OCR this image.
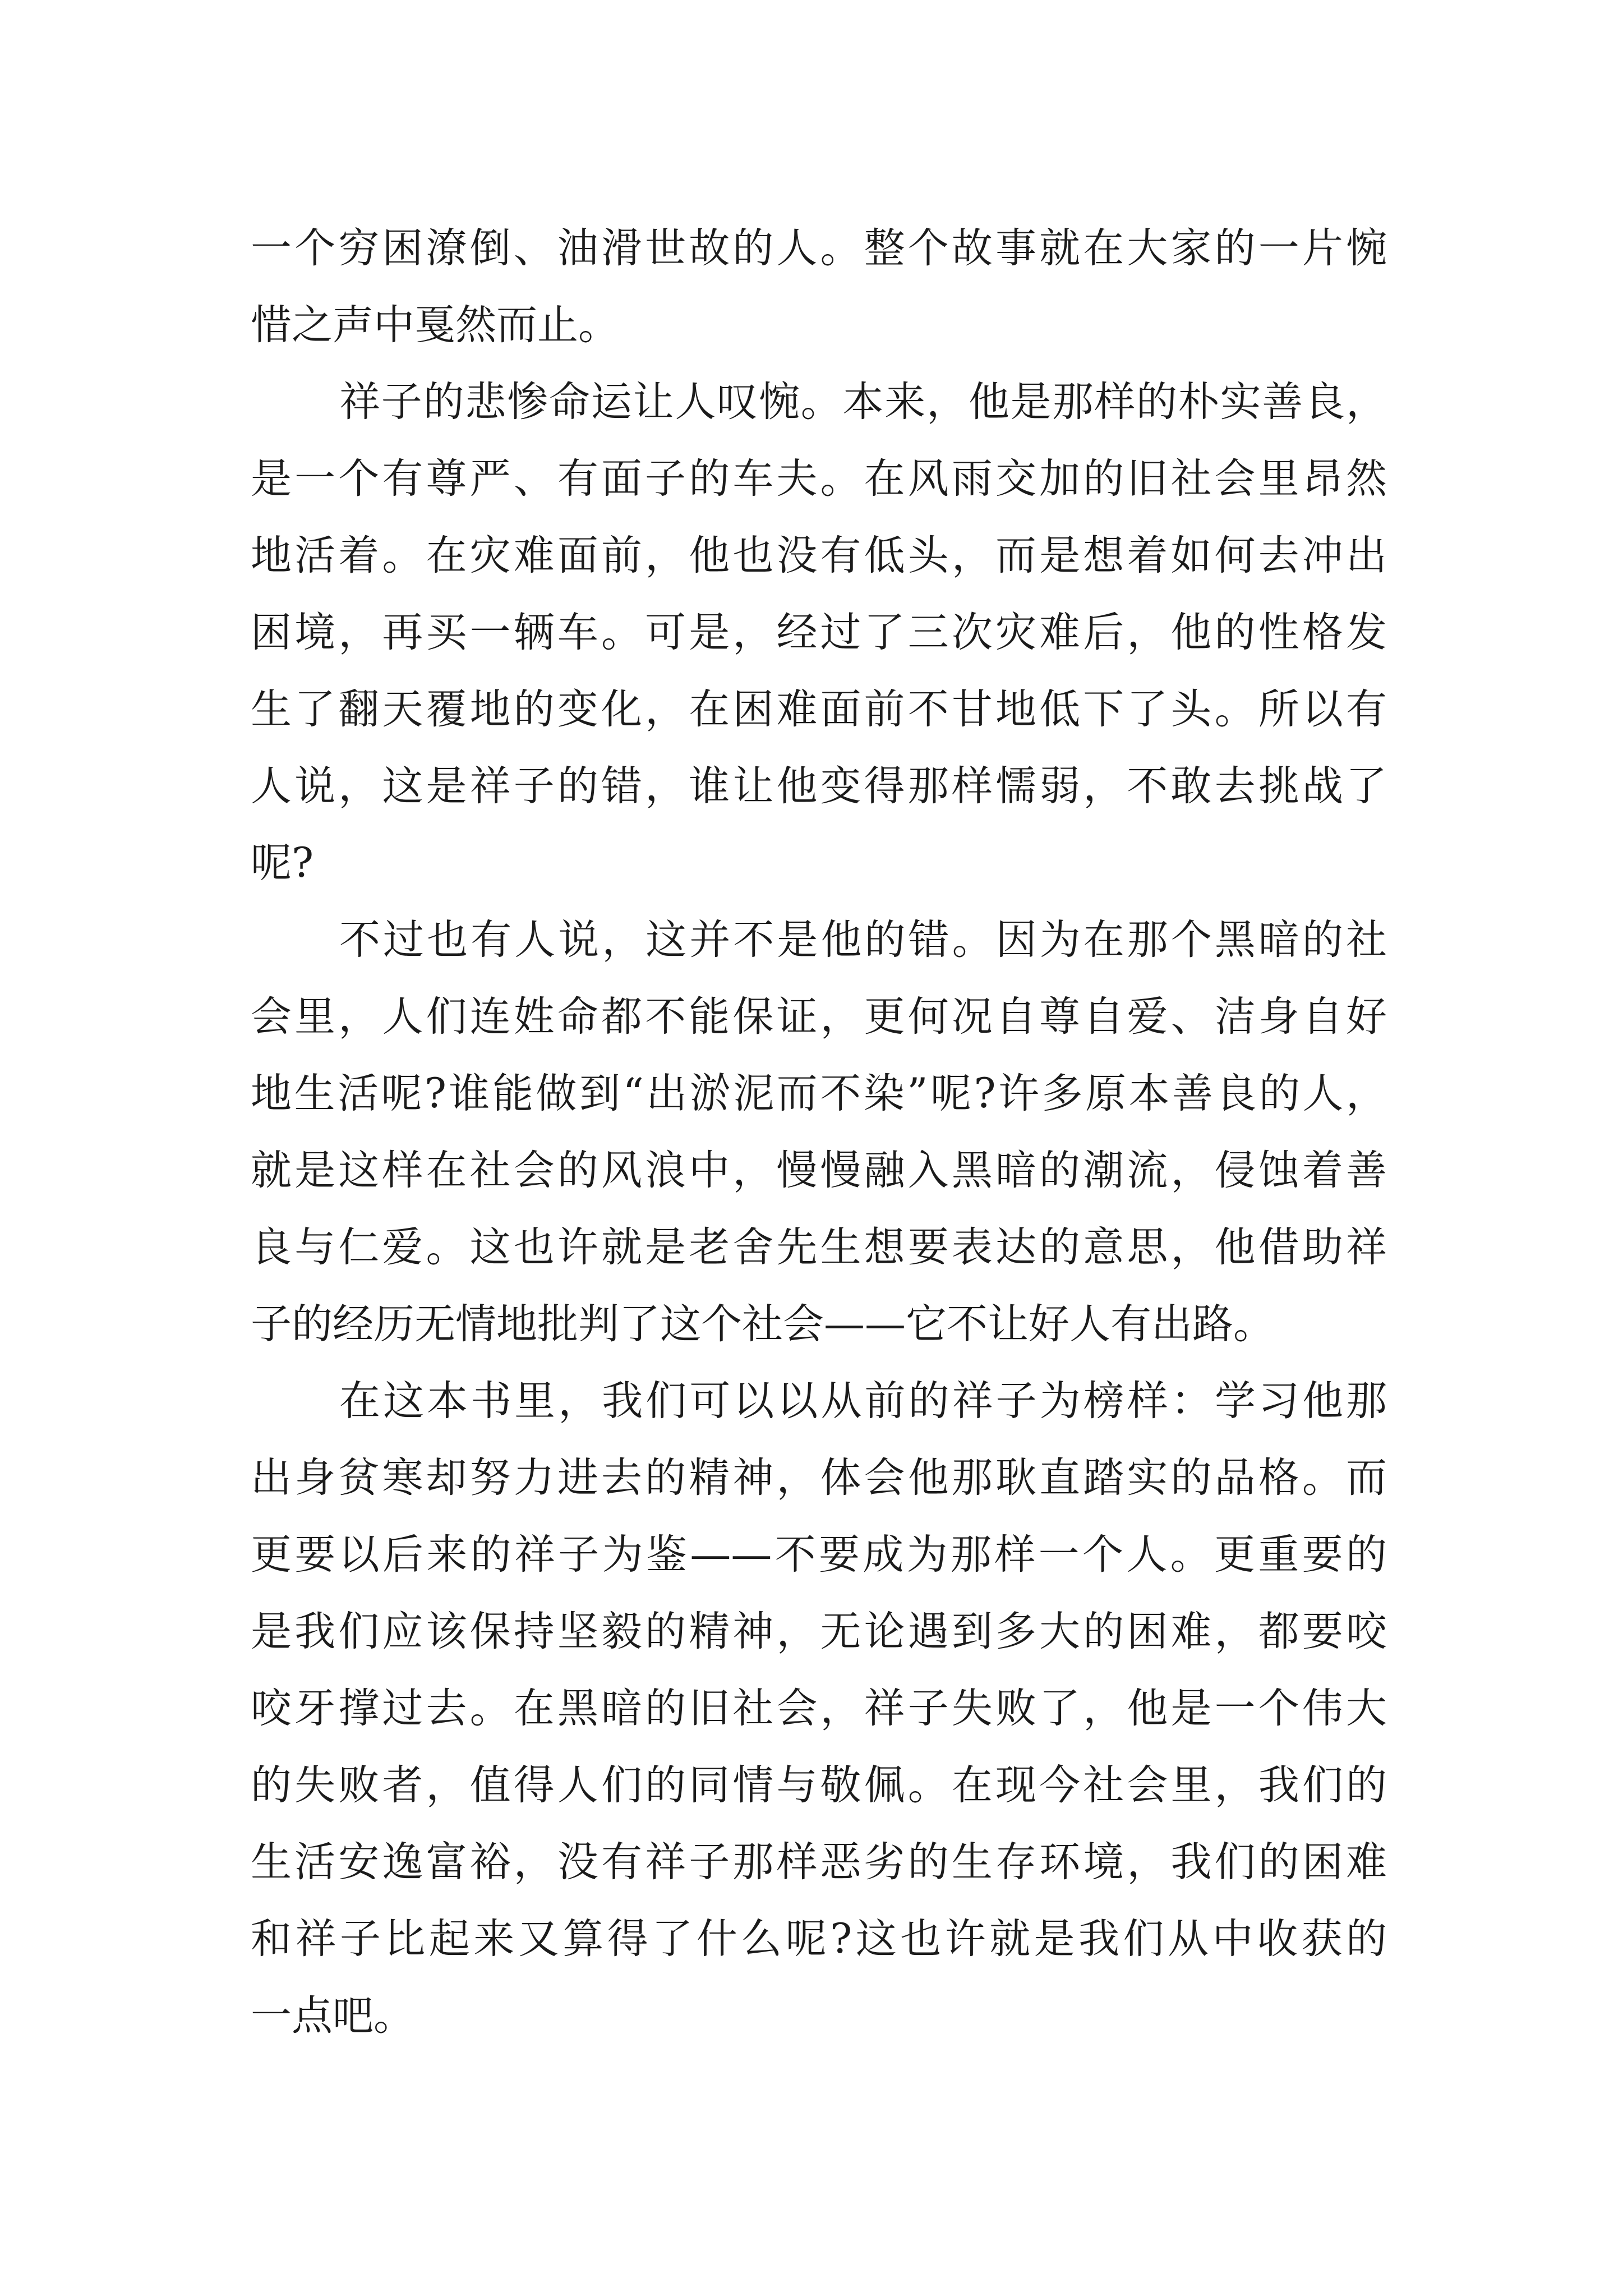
一个穷困潦倒、油滑世故的人。整个故事就在大家的一片惋
惜之声中戛然而止。
祥子的悲惨命运让人叹惋。本来，他是那样的朴实善良，
是一个有尊严、有面子的车夫。在风雨交加的旧社会里昂然
地活着。在灾难面前，他也没有低头，而是想着如何去冲出
困境，再买一辆车。可是，经过了三次灾难后，他的性格发
生了翻天覆地的变化，在困难面前不甘地低下了头。所以有
人说，这是祥子的错，谁让他变得那样懦弱，不敢去挑战了
呢?
不过也有人说，这并不是他的错。因为在那个黑暗的社
会里，人们连姓命都不能保证，更何况自尊自爱、洁身自好
地生活呢?谁能做到“出淤泥而不染”呢?许多原本善良的人，
就是这样在社会的风浪中，慢慢融入黑暗的潮流，侵蚀着善
良与仁爱。这也许就是老舍先生想要表达的意思，他借助祥
子的经历无情地批判了这个社会——它不让好人有出路。
在这本书里，我们可以以从前的祥子为榜样：学习他那
出身贫寒却努力进去的精神，体会他那耿直踏实的品格。而
更要以后来的祥子为鉴——不要成为那样一个人。更重要的
是我们应该保持坚毅的精神，无论遇到多大的困难，都要咬
咬牙撑过去。在黑暗的旧社会，祥子失败了，他是一个伟大
的失败者，值得人们的同情与敬佩。在现今社会里，我们的
生活安逸富裕，没有祥子那样恶劣的生存环境，我们的困难
和祥子比起来又算得了什么呢?这也许就是我们从中收获的
一点吧。
